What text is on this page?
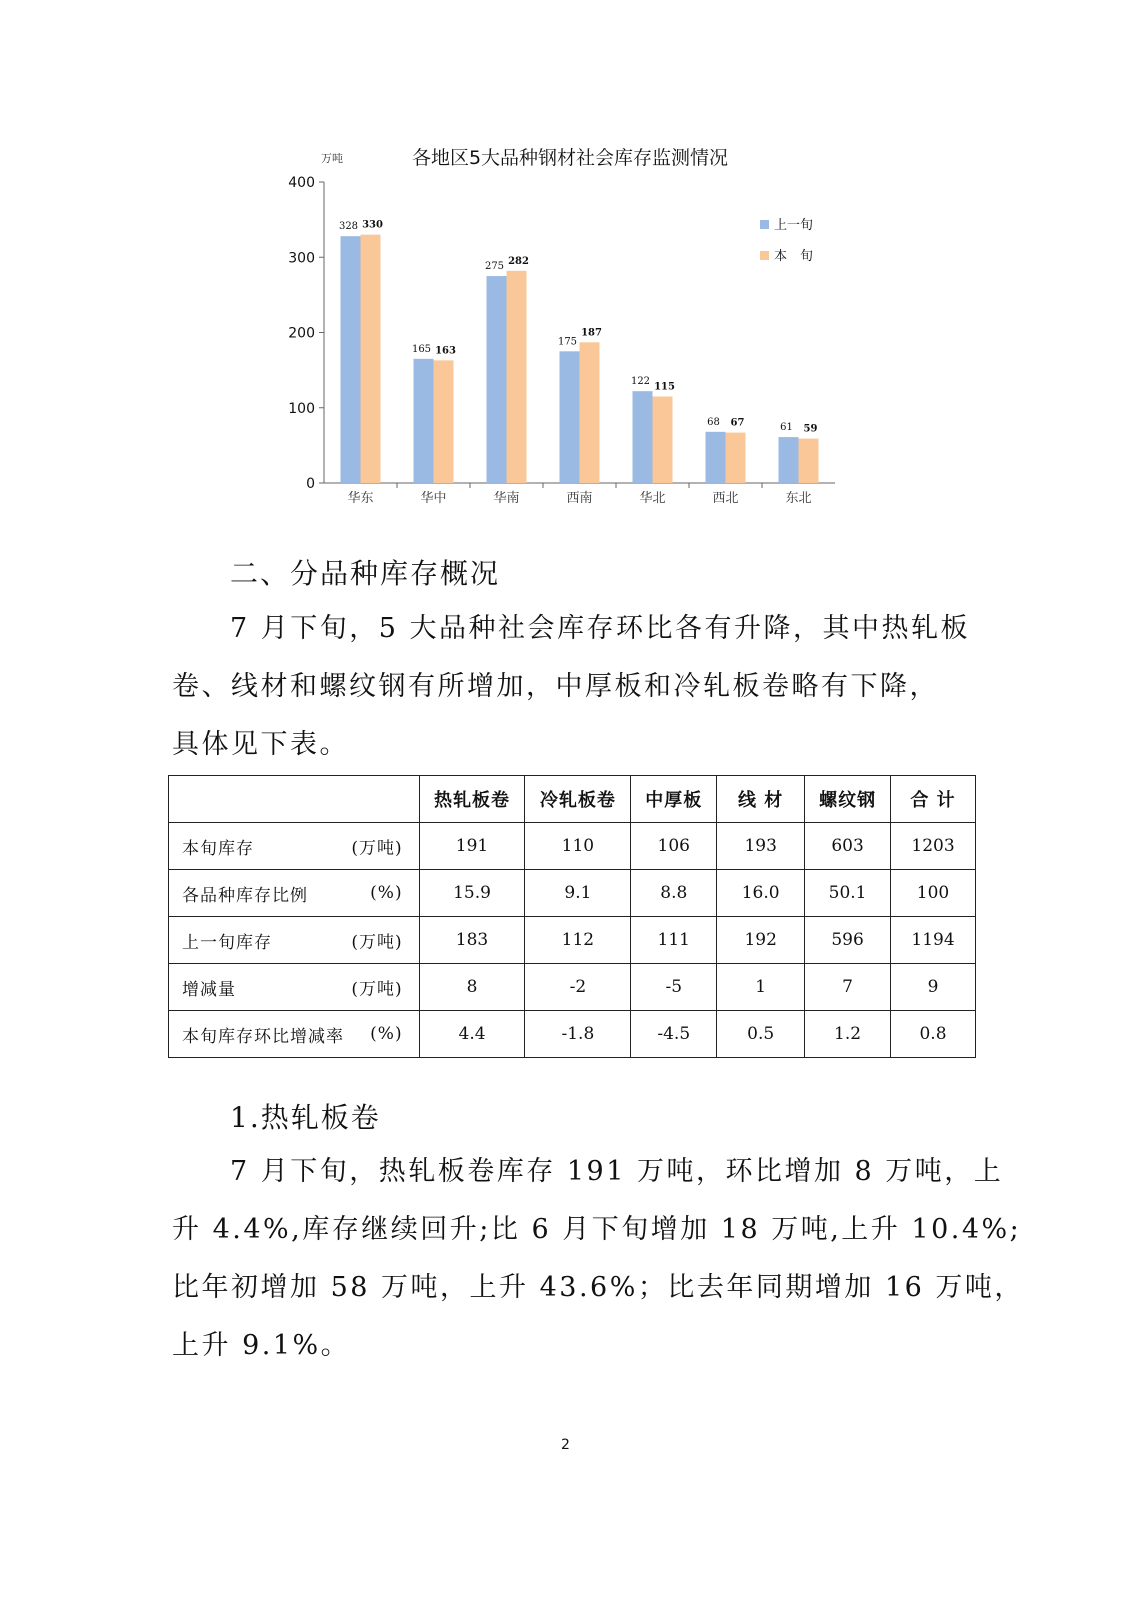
各地区5大品种钢材社会库存监测情况
万吨
0
100
200
300
400
华东
328 330
华中
165 163
华南
275 282
西南
175
187
华北
122 115
西北
68 67
东北
61 59
上一旬
本　旬
二、分品种库存概况
7 月下旬，5 大品种社会库存环比各有升降，其中热轧板
卷、线材和螺纹钢有所增加，中厚板和冷轧板卷略有下降，
具体见下表。
	热轧板卷	冷轧板卷	中厚板	线 材	螺纹钢	合 计
本旬库存 (万吨)	191	110	106	193	603	1203
各品种库存比例 (%)	15.9	9.1	8.8	16.0	50.1	100
上一旬库存 (万吨)	183	112	111	192	596	1194
增减量 (万吨)	8	-2	-5	1	7	9
本旬库存环比增减率 (%)	4.4	-1.8	-4.5	0.5	1.2	0.8
1.热轧板卷
7 月下旬，热轧板卷库存 191 万吨，环比增加 8 万吨，上
升 4.4%,库存继续回升;比 6 月下旬增加 18 万吨,上升 10.4%;
比年初增加 58 万吨，上升 43.6%；比去年同期增加 16 万吨，
上升 9.1%。
2
